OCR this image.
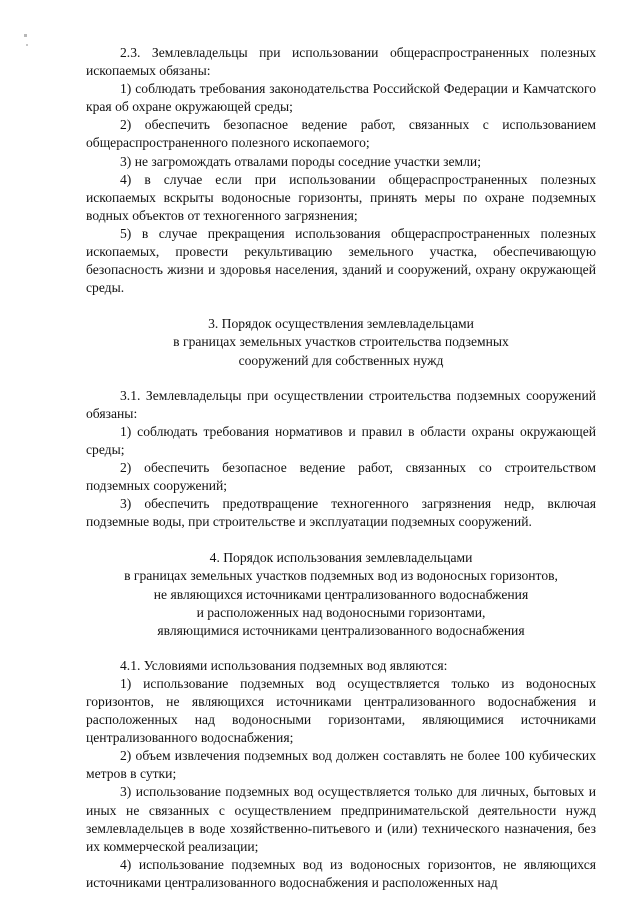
2.3. Землевладельцы при использовании общераспространенных полезных ископаемых обязаны:

1) соблюдать требования законодательства Российской Федерации и Камчатского края об охране окружающей среды;

2) обеспечить безопасное ведение работ, связанных с использованием общераспространенного полезного ископаемого;

3) не загромождать отвалами породы соседние участки земли;

4) в случае если при использовании общераспространенных полезных ископаемых вскрыты водоносные горизонты, принять меры по охране подземных водных объектов от техногенного загрязнения;

5) в случае прекращения использования общераспространенных полезных ископаемых, провести рекультивацию земельного участка, обеспечивающую безопасность жизни и здоровья населения, зданий и сооружений, охрану окружающей среды.

3. Порядок осуществления землевладельцами
в границах земельных участков строительства подземных
сооружений для собственных нужд

3.1. Землевладельцы при осуществлении строительства подземных сооружений обязаны:

1) соблюдать требования нормативов и правил в области охраны окружающей среды;

2) обеспечить безопасное ведение работ, связанных со строительством подземных сооружений;

3) обеспечить предотвращение техногенного загрязнения недр, включая подземные воды, при строительстве и эксплуатации подземных сооружений.

4. Порядок использования землевладельцами
в границах земельных участков подземных вод из водоносных горизонтов,
не являющихся источниками централизованного водоснабжения
и расположенных над водоносными горизонтами,
являющимися источниками централизованного водоснабжения

4.1. Условиями использования подземных вод являются:

1) использование подземных вод осуществляется только из водоносных горизонтов, не являющихся источниками централизованного водоснабжения и расположенных над водоносными горизонтами, являющимися источниками централизованного водоснабжения;

2) объем извлечения подземных вод должен составлять не более 100 кубических метров в сутки;

3) использование подземных вод осуществляется только для личных, бытовых и иных не связанных с осуществлением предпринимательской деятельности нужд землевладельцев в воде хозяйственно-питьевого и (или) технического назначения, без их коммерческой реализации;

4) использование подземных вод из водоносных горизонтов, не являющихся источниками централизованного водоснабжения и расположенных над
